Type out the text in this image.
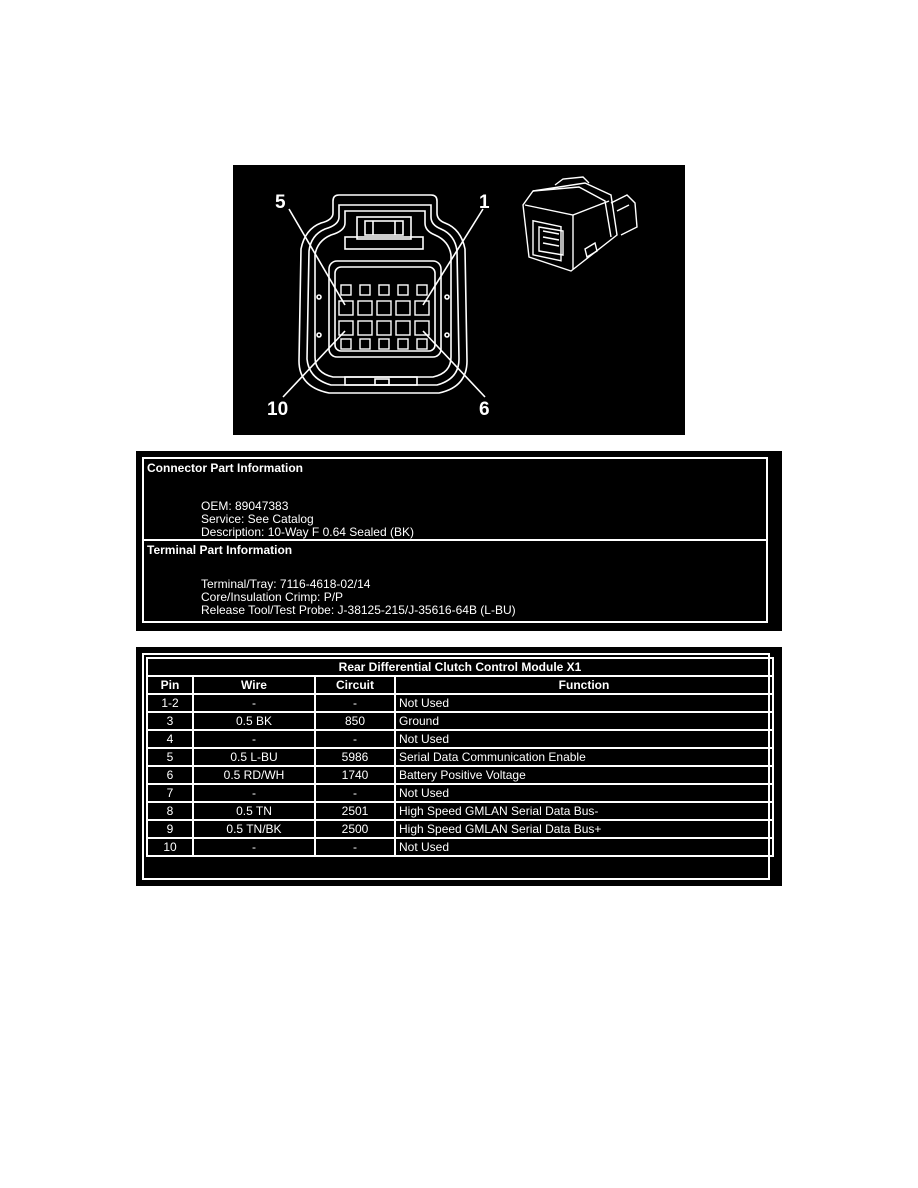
5	1
10	6
Connector Part Information
OEM: 89047383
Service: See Catalog
Description: 10-Way F 0.64 Sealed (BK)
Terminal Part Information
Terminal/Tray: 7116-4618-02/14
Core/Insulation Crimp: P/P
Release Tool/Test Probe: J-38125-215/J-35616-64B (L-BU)
Rear Differential Clutch Control Module X1			
Pin	Wire	Circuit	Function
1-2	-	-	Not Used
3	0.5 BK	850	Ground
4	-	-	Not Used
5	0.5 L-BU	5986	Serial Data Communication Enable
6	0.5 RD/WH	1740	Battery Positive Voltage
7	-	-	Not Used
8	0.5 TN	2501	High Speed GMLAN Serial Data Bus-
9	0.5 TN/BK	2500	High Speed GMLAN Serial Data Bus+
10	-	-	Not Used
